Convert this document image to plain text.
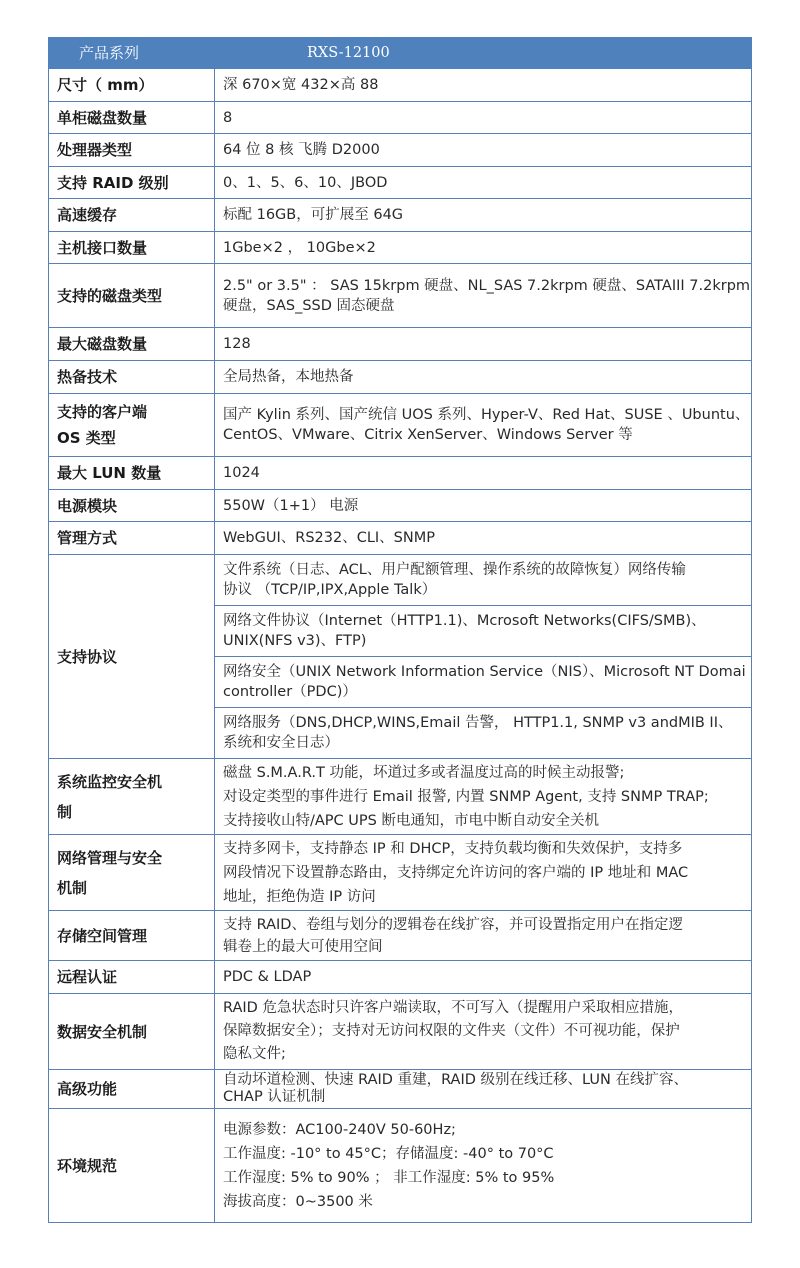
产品系列	RXS-12100
尺寸（ mm）	深 670×宽 432×高 88
单柜磁盘数量	8
处理器类型	64 位 8 核 飞腾 D2000
支持 RAID 级别	0、1、5、6、10、JBOD
高速缓存	标配 16GB，可扩展至 64G
主机接口数量	1Gbe×2 ， 10Gbe×2
支持的磁盘类型	2.5" or 3.5" ： SAS 15krpm 硬盘、NL_SAS 7.2krpm 硬盘、SATAIII 7.2krpm
硬盘，SAS_SSD 固态硬盘

最大磁盘数量	128
热备技术	全局热备，本地热备

支持的客户端
OS 类型	国产 Kylin 系列、国产统信 UOS 系列、Hyper-V、Red Hat、SUSE 、Ubuntu、
CentOS、VMware、Citrix XenServer、Windows Server 等

最大 LUN 数量	1024
电源模块	550W（1+1） 电源
管理方式	WebGUI、RS232、CLI、SNMP
支持协议	文件系统（日志、ACL、用户配额管理、操作系统的故障恢复）网络传输
协议 （TCP/IP,IPX,Apple Talk）

	网络文件协议（Internet（HTTP1.1)、Mcrosoft Networks(CIFS/SMB)、
UNIX(NFS v3)、FTP)

	网络安全（UNIX Network Information Service（NIS）、Microsoft NT Domai
controller（PDC)）

	网络服务（DNS,DHCP,WINS,Email 告警， HTTP1.1, SNMP v3 andMIB II、
系统和安全日志）

系统监控安全机
制	磁盘 S.M.A.R.T 功能，坏道过多或者温度过高的时候主动报警;
对设定类型的事件进行 Email 报警, 内置 SNMP Agent, 支持 SNMP TRAP;
支持接收山特/APC UPS 断电通知，市电中断自动安全关机

网络管理与安全
机制	支持多网卡，支持静态 IP 和 DHCP，支持负载均衡和失效保护，支持多
网段情况下设置静态路由，支持绑定允许访问的客户端的 IP 地址和 MAC
地址，拒绝伪造 IP 访问

存储空间管理	支持 RAID、卷组与划分的逻辑卷在线扩容，并可设置指定用户在指定逻
辑卷上的最大可使用空间

远程认证	PDC & LDAP
数据安全机制	RAID 危急状态时只许客户端读取，不可写入（提醒用户采取相应措施，
保障数据安全）；支持对无访问权限的文件夹（文件）不可视功能，保护
隐私文件;

高级功能	自动坏道检测、快速 RAID 重建，RAID 级别在线迁移、LUN 在线扩容、
CHAP 认证机制

环境规范	电源参数：AC100-240V 50-60Hz;
工作温度: -10° to 45°C；存储温度: -40° to 70°C
工作湿度: 5% to 90% ； 非工作湿度: 5% to 95%
海拔高度：0~3500 米
